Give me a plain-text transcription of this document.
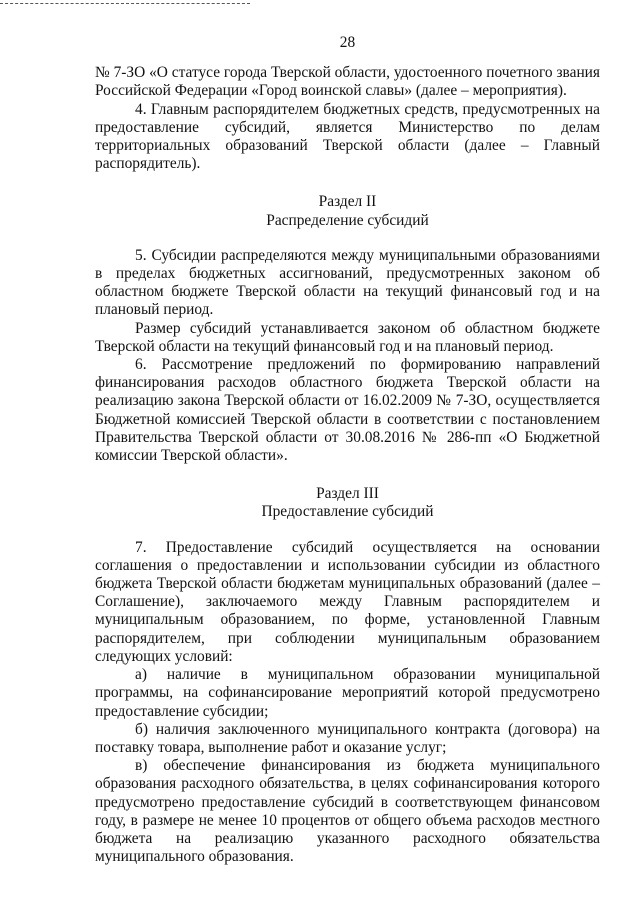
28

№ 7-ЗО «О статусе города Тверской области, удостоенного почетного звания Российской Федерации «Город воинской славы» (далее – мероприятия).

4. Главным распорядителем бюджетных средств, предусмотренных на предоставление субсидий, является Министерство по делам территориальных образований Тверской области (далее – Главный распорядитель).

Раздел II

Распределение субсидий

5. Субсидии распределяются между муниципальными образованиями в пределах бюджетных ассигнований, предусмотренных законом об областном бюджете Тверской области на текущий финансовый год и на плановый период.

Размер субсидий устанавливается законом об областном бюджете Тверской области на текущий финансовый год и на плановый период.

6. Рассмотрение предложений по формированию направлений финансирования расходов областного бюджета Тверской области на реализацию закона Тверской области от 16.02.2009 № 7-ЗО, осуществляется Бюджетной комиссией Тверской области в соответствии с постановлением Правительства Тверской области от 30.08.2016 № 286-пп «О Бюджетной комиссии Тверской области».

Раздел III

Предоставление субсидий

7. Предоставление субсидий осуществляется на основании соглашения о предоставлении и использовании субсидии из областного бюджета Тверской области бюджетам муниципальных образований (далее – Соглашение), заключаемого между Главным распорядителем и муниципальным образованием, по форме, установленной Главным распорядителем, при соблюдении муниципальным образованием следующих условий:

а) наличие в муниципальном образовании муниципальной программы, на софинансирование мероприятий которой предусмотрено предоставление субсидии;

б) наличия заключенного муниципального контракта (договора) на поставку товара, выполнение работ и оказание услуг;

в) обеспечение финансирования из бюджета муниципального образования расходного обязательства, в целях софинансирования которого предусмотрено предоставление субсидий в соответствующем финансовом году, в размере не менее 10 процентов от общего объема расходов местного бюджета на реализацию указанного расходного обязательства муниципального образования.
